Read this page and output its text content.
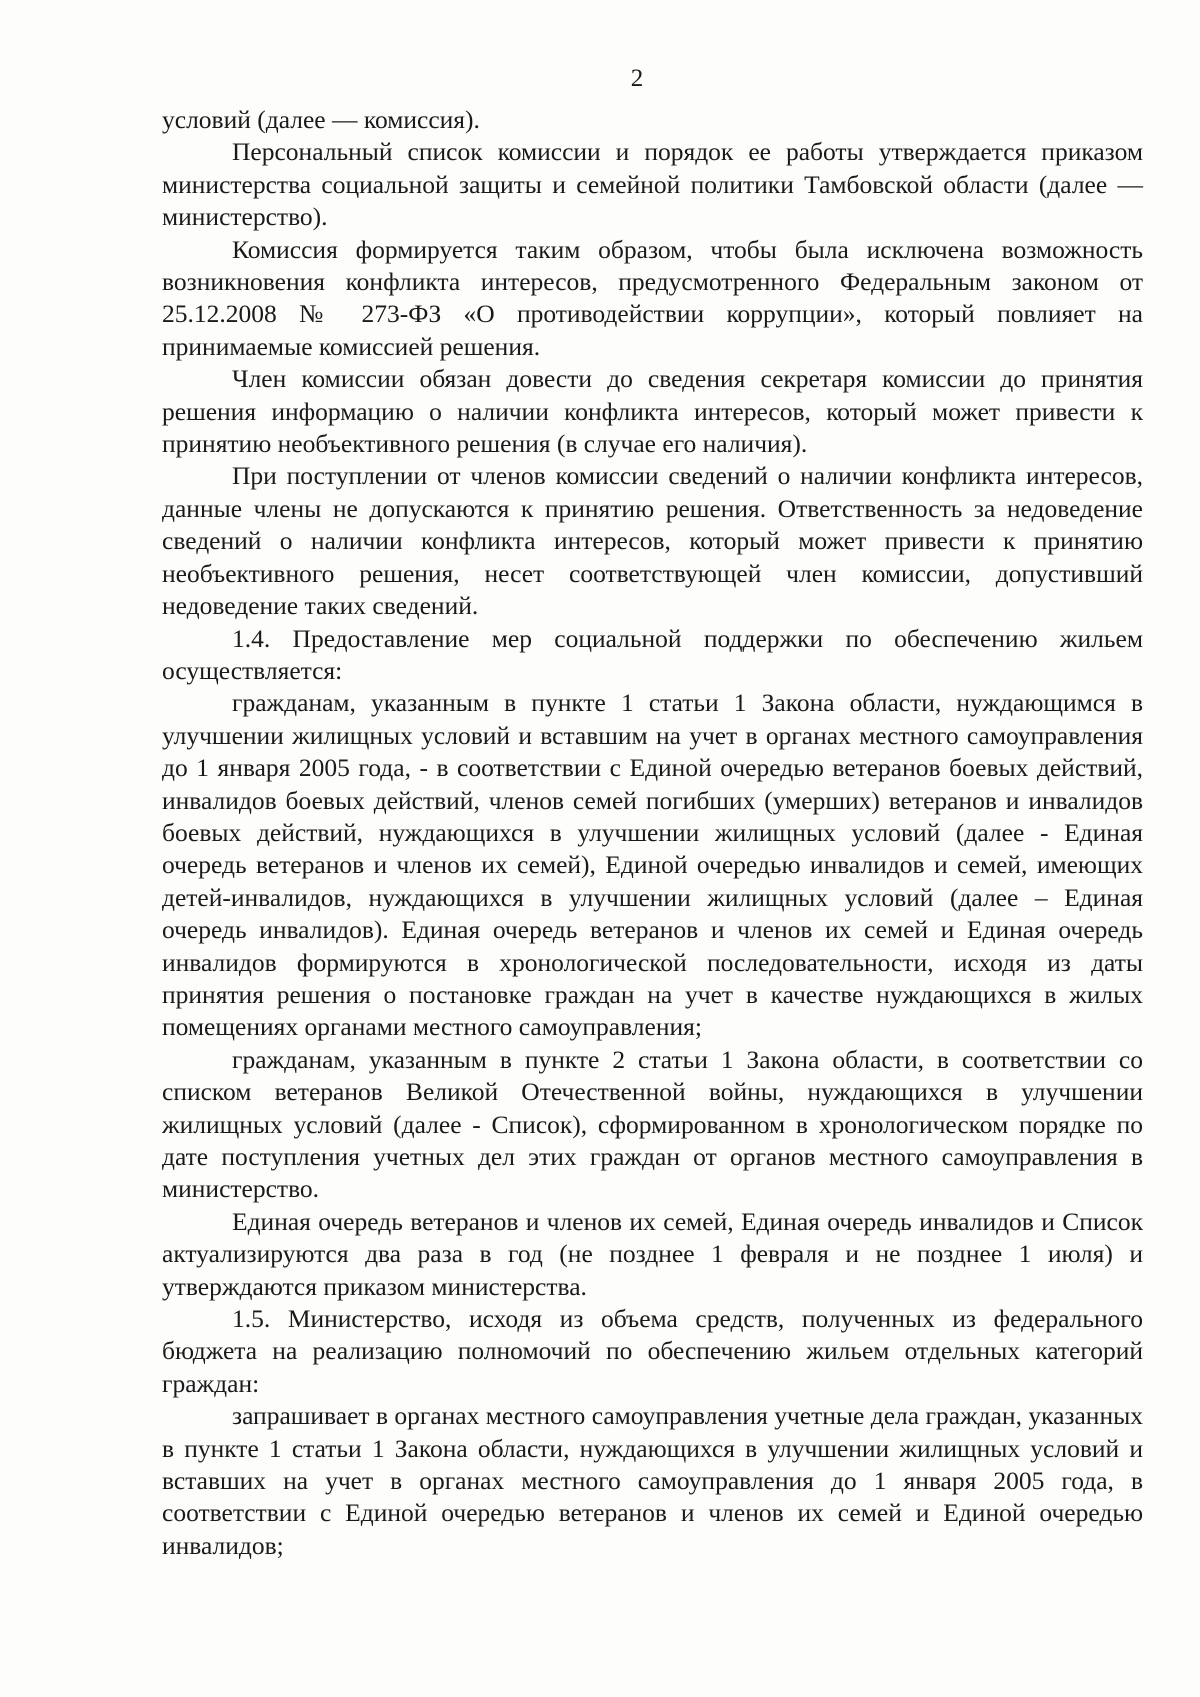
2

условий (далее — комиссия).

Персональный список комиссии и порядок ее работы утверждается приказом министерства социальной защиты и семейной политики Тамбовской области (далее — министерство).

Комиссия формируется таким образом, чтобы была исключена возможность возникновения конфликта интересов, предусмотренного Федеральным законом от 25.12.2008 № 273-ФЗ «О противодействии коррупции», который повлияет на принимаемые комиссией решения.

Член комиссии обязан довести до сведения секретаря комиссии до принятия решения информацию о наличии конфликта интересов, который может привести к принятию необъективного решения (в случае его наличия).

При поступлении от членов комиссии сведений о наличии конфликта интересов, данные члены не допускаются к принятию решения. Ответственность за недоведение сведений о наличии конфликта интересов, который может привести к принятию необъективного решения, несет соответствующей член комиссии, допустивший недоведение таких сведений.

1.4. Предоставление мер социальной поддержки по обеспечению жильем осуществляется:

гражданам, указанным в пункте 1 статьи 1 Закона области, нуждающимся в улучшении жилищных условий и вставшим на учет в органах местного самоуправления до 1 января 2005 года, - в соответствии с Единой очередью ветеранов боевых действий, инвалидов боевых действий, членов семей погибших (умерших) ветеранов и инвалидов боевых действий, нуждающихся в улучшении жилищных условий (далее - Единая очередь ветеранов и членов их семей), Единой очередью инвалидов и семей, имеющих детей-инвалидов, нуждающихся в улучшении жилищных условий (далее – Единая очередь инвалидов). Единая очередь ветеранов и членов их семей и Единая очередь инвалидов формируются в хронологической последовательности, исходя из даты принятия решения о постановке граждан на учет в качестве нуждающихся в жилых помещениях органами местного самоуправления;

гражданам, указанным в пункте 2 статьи 1 Закона области, в соответствии со списком ветеранов Великой Отечественной войны, нуждающихся в улучшении жилищных условий (далее - Список), сформированном в хронологическом порядке по дате поступления учетных дел этих граждан от органов местного самоуправления в министерство.

Единая очередь ветеранов и членов их семей, Единая очередь инвалидов и Список актуализируются два раза в год (не позднее 1 февраля и не позднее 1 июля) и утверждаются приказом министерства.

1.5. Министерство, исходя из объема средств, полученных из федерального бюджета на реализацию полномочий по обеспечению жильем отдельных категорий граждан:

запрашивает в органах местного самоуправления учетные дела граждан, указанных в пункте 1 статьи 1 Закона области, нуждающихся в улучшении жилищных условий и вставших на учет в органах местного самоуправления до 1 января 2005 года, в соответствии с Единой очередью ветеранов и членов их семей и Единой очередью инвалидов;
